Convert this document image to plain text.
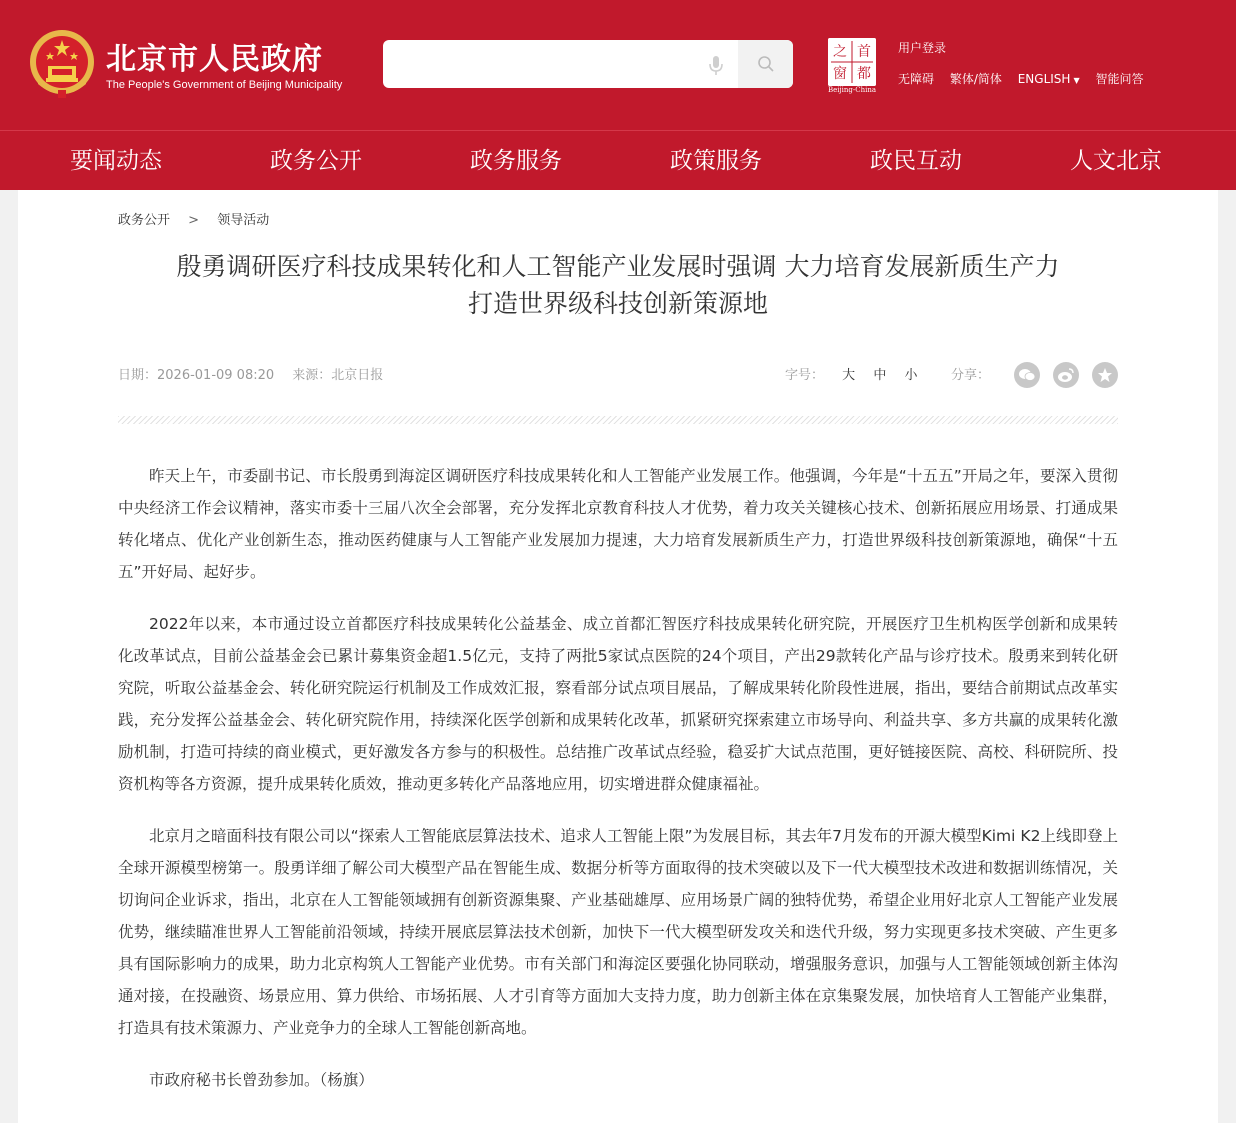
北京市人民政府
The People's Government of Beijing Municipality
首
都
之
窗
Beijing-China
用户登录
无障碍 繁体/简体 ENGLISH ▼ 智能问答
要闻动态	政务公开	政务服务	政策服务	政民互动	人文北京
政务公开 > 领导活动
殷勇调研医疗科技成果转化和人工智能产业发展时强调 大力培育发展新质生产力
打造世界级科技创新策源地
日期：2026-01-09 08:20 来源：北京日报	字号： 大 中 小	分享：

昨天上午，市委副书记、市长殷勇到海淀区调研医疗科技成果转化和人工智能产业发展工作。他强调，今年是“十五五”开局之年，要深入贯彻中央经济工作会议精神，落实市委十三届八次全会部署，充分发挥北京教育科技人才优势，着力攻关关键核心技术、创新拓展应用场景、打通成果转化堵点、优化产业创新生态，推动医药健康与人工智能产业发展加力提速，大力培育发展新质生产力，打造世界级科技创新策源地，确保“十五五”开好局、起好步。

2022年以来，本市通过设立首都医疗科技成果转化公益基金、成立首都汇智医疗科技成果转化研究院，开展医疗卫生机构医学创新和成果转化改革试点，目前公益基金会已累计募集资金超1.5亿元，支持了两批5家试点医院的24个项目，产出29款转化产品与诊疗技术。殷勇来到转化研究院，听取公益基金会、转化研究院运行机制及工作成效汇报，察看部分试点项目展品，了解成果转化阶段性进展，指出，要结合前期试点改革实践，充分发挥公益基金会、转化研究院作用，持续深化医学创新和成果转化改革，抓紧研究探索建立市场导向、利益共享、多方共赢的成果转化激励机制，打造可持续的商业模式，更好激发各方参与的积极性。总结推广改革试点经验，稳妥扩大试点范围，更好链接医院、高校、科研院所、投资机构等各方资源，提升成果转化质效，推动更多转化产品落地应用，切实增进群众健康福祉。

北京月之暗面科技有限公司以“探索人工智能底层算法技术、追求人工智能上限”为发展目标，其去年7月发布的开源大模型Kimi K2上线即登上全球开源模型榜第一。殷勇详细了解公司大模型产品在智能生成、数据分析等方面取得的技术突破以及下一代大模型技术改进和数据训练情况，关切询问企业诉求，指出，北京在人工智能领域拥有创新资源集聚、产业基础雄厚、应用场景广阔的独特优势，希望企业用好北京人工智能产业发展优势，继续瞄准世界人工智能前沿领域，持续开展底层算法技术创新，加快下一代大模型研发攻关和迭代升级，努力实现更多技术突破、产生更多具有国际影响力的成果，助力北京构筑人工智能产业优势。市有关部门和海淀区要强化协同联动，增强服务意识，加强与人工智能领域创新主体沟通对接，在投融资、场景应用、算力供给、市场拓展、人才引育等方面加大支持力度，助力创新主体在京集聚发展，加快培育人工智能产业集群，打造具有技术策源力、产业竞争力的全球人工智能创新高地。

市政府秘书长曾劲参加。（杨旗）
